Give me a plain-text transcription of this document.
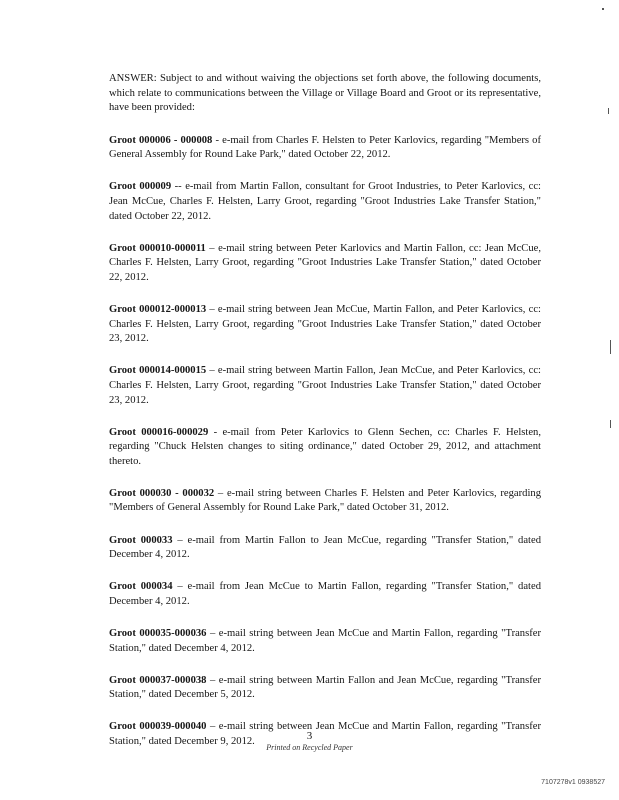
ANSWER: Subject to and without waiving the objections set forth above, the following documents, which relate to communications between the Village or Village Board and Groot or its representative, have been provided:

Groot 000006 - 000008 - e-mail from Charles F. Helsten to Peter Karlovics, regarding "Members of General Assembly for Round Lake Park," dated October 22, 2012.

Groot 000009 -- e-mail from Martin Fallon, consultant for Groot Industries, to Peter Karlovics, cc: Jean McCue, Charles F. Helsten, Larry Groot, regarding "Groot Industries Lake Transfer Station," dated October 22, 2012.

Groot 000010-000011 – e-mail string between Peter Karlovics and Martin Fallon, cc: Jean McCue, Charles F. Helsten, Larry Groot, regarding "Groot Industries Lake Transfer Station," dated October 22, 2012.

Groot 000012-000013 – e-mail string between Jean McCue, Martin Fallon, and Peter Karlovics, cc: Charles F. Helsten, Larry Groot, regarding "Groot Industries Lake Transfer Station," dated October 23, 2012.

Groot 000014-000015 – e-mail string between Martin Fallon, Jean McCue, and Peter Karlovics, cc: Charles F. Helsten, Larry Groot, regarding "Groot Industries Lake Transfer Station," dated October 23, 2012.

Groot 000016-000029 - e-mail from Peter Karlovics to Glenn Sechen, cc: Charles F. Helsten, regarding "Chuck Helsten changes to siting ordinance," dated October 29, 2012, and attachment thereto.

Groot 000030 - 000032 – e-mail string between Charles F. Helsten and Peter Karlovics, regarding "Members of General Assembly for Round Lake Park," dated October 31, 2012.

Groot 000033 – e-mail from Martin Fallon to Jean McCue, regarding "Transfer Station," dated December 4, 2012.

Groot 000034 – e-mail from Jean McCue to Martin Fallon, regarding "Transfer Station," dated December 4, 2012.

Groot 000035-000036 – e-mail string between Jean McCue and Martin Fallon, regarding "Transfer Station," dated December 4, 2012.

Groot 000037-000038 – e-mail string between Martin Fallon and Jean McCue, regarding "Transfer Station," dated December 5, 2012.

Groot 000039-000040 – e-mail string between Jean McCue and Martin Fallon, regarding "Transfer Station," dated December 9, 2012.	3
Printed on Recycled Paper
7107278v1 0938527
